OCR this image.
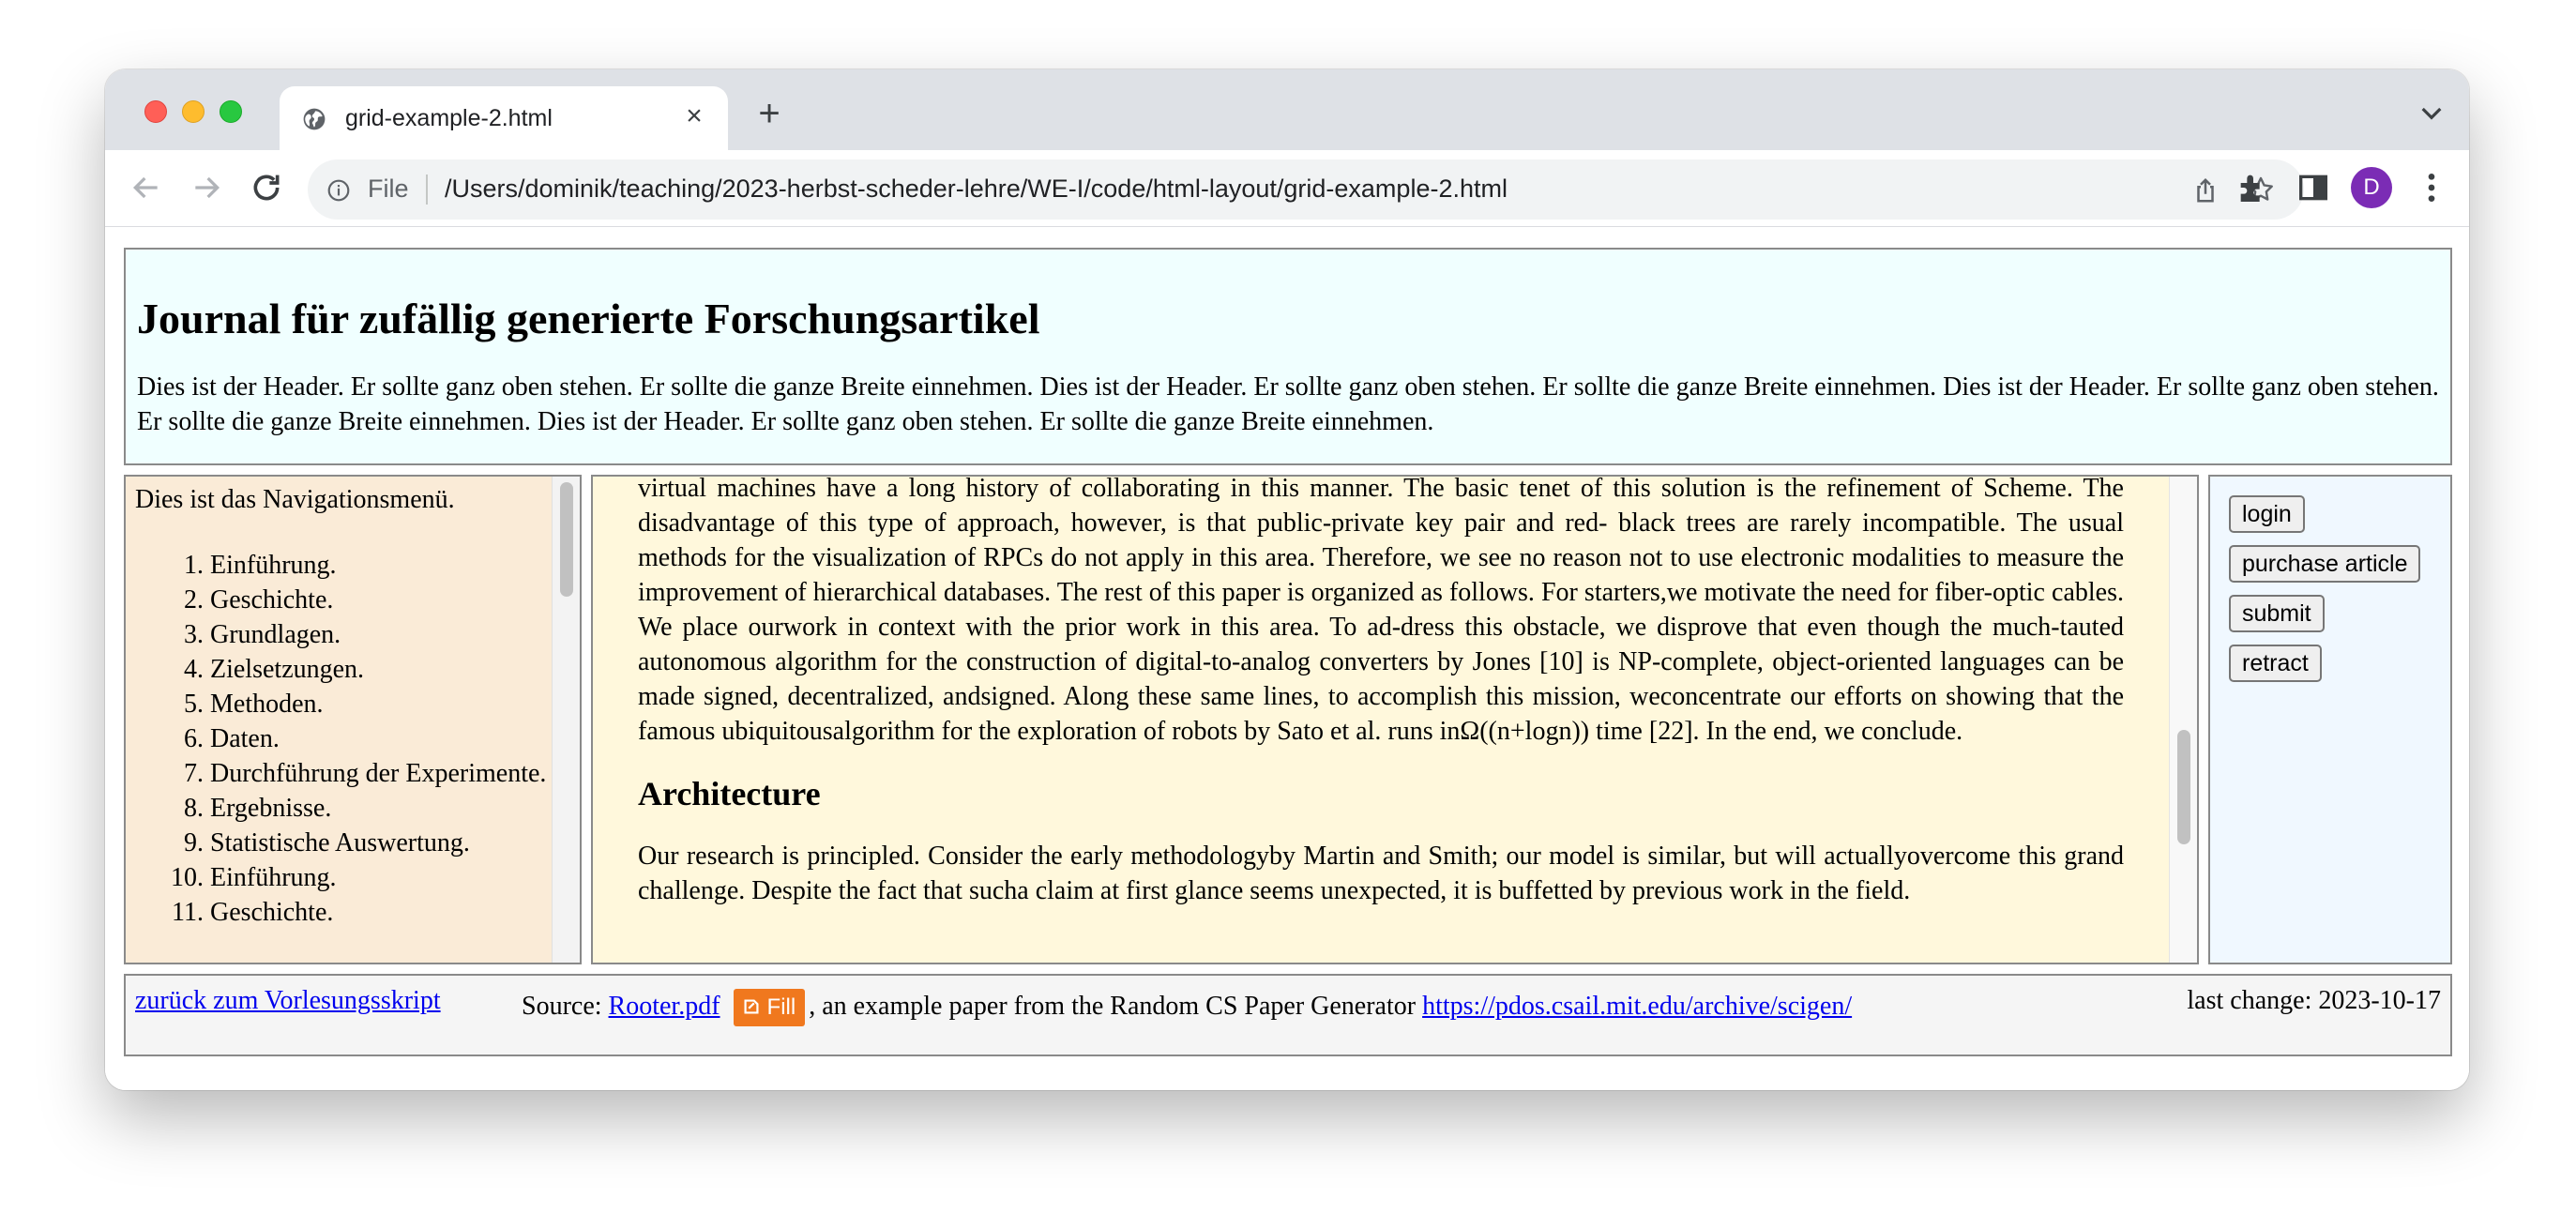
grid-example-2.html	× +
File /Users/dominik/teaching/2023-herbst-scheder-lehre/WE-I/code/html-layout/grid-example-2.html	D
Journal für zufällig generierte Forschungsartikel

Dies ist der Header. Er sollte ganz oben stehen. Er sollte die ganze Breite einnehmen. Dies ist der Header. Er sollte ganz oben stehen. Er sollte die ganze Breite einnehmen. Dies ist der Header. Er sollte ganz oben stehen. Er sollte die ganze Breite einnehmen. Dies ist der Header. Er sollte ganz oben stehen. Er sollte die ganze Breite einnehmen.

Dies ist das Navigationsmenü.

1. Einführung.
2. Geschichte.
3. Grundlagen.
4. Zielsetzungen.
5. Methoden.
6. Daten.
7. Durchführung der Experimente.
8. Ergebnisse.
9. Statistische Auswertung.
10. Einführung.
11. Geschichte.

virtual machines have a long history of collaborating in this manner. The basic tenet of this solution is the refinement of Scheme. The disadvantage of this type of approach, however, is that public-private key pair and red- black trees are rarely incompatible. The usual methods for the visualization of RPCs do not apply in this area. Therefore, we see no reason not to use electronic modalities to measure the improvement of hierarchical databases. The rest of this paper is organized as follows. For starters,we motivate the need for fiber-optic cables. We place ourwork in context with the prior work in this area. To ad-dress this obstacle, we disprove that even though the much-tauted autonomous algorithm for the construction of digital-to-analog converters by Jones [10] is NP-complete, object-oriented languages can be made signed, decentralized, andsigned. Along these same lines, to accomplish this mission, weconcentrate our efforts on showing that the famous ubiquitousalgorithm for the exploration of robots by Sato et al. runs inΩ((n+logn)) time [22]. In the end, we conclude.

Architecture

Our research is principled. Consider the early methodologyby Martin and Smith; our model is similar, but will actuallyovercome this grand challenge. Despite the fact that sucha claim at first glance seems unexpected, it is buffetted by previous work in the field.

login
purchase article
submit
retract
zurück zum Vorlesungsskript	Source: Rooter.pdf Fill , an example paper from the Random CS Paper Generator https://pdos.csail.mit.edu/archive/scigen/	last change: 2023-10-17
